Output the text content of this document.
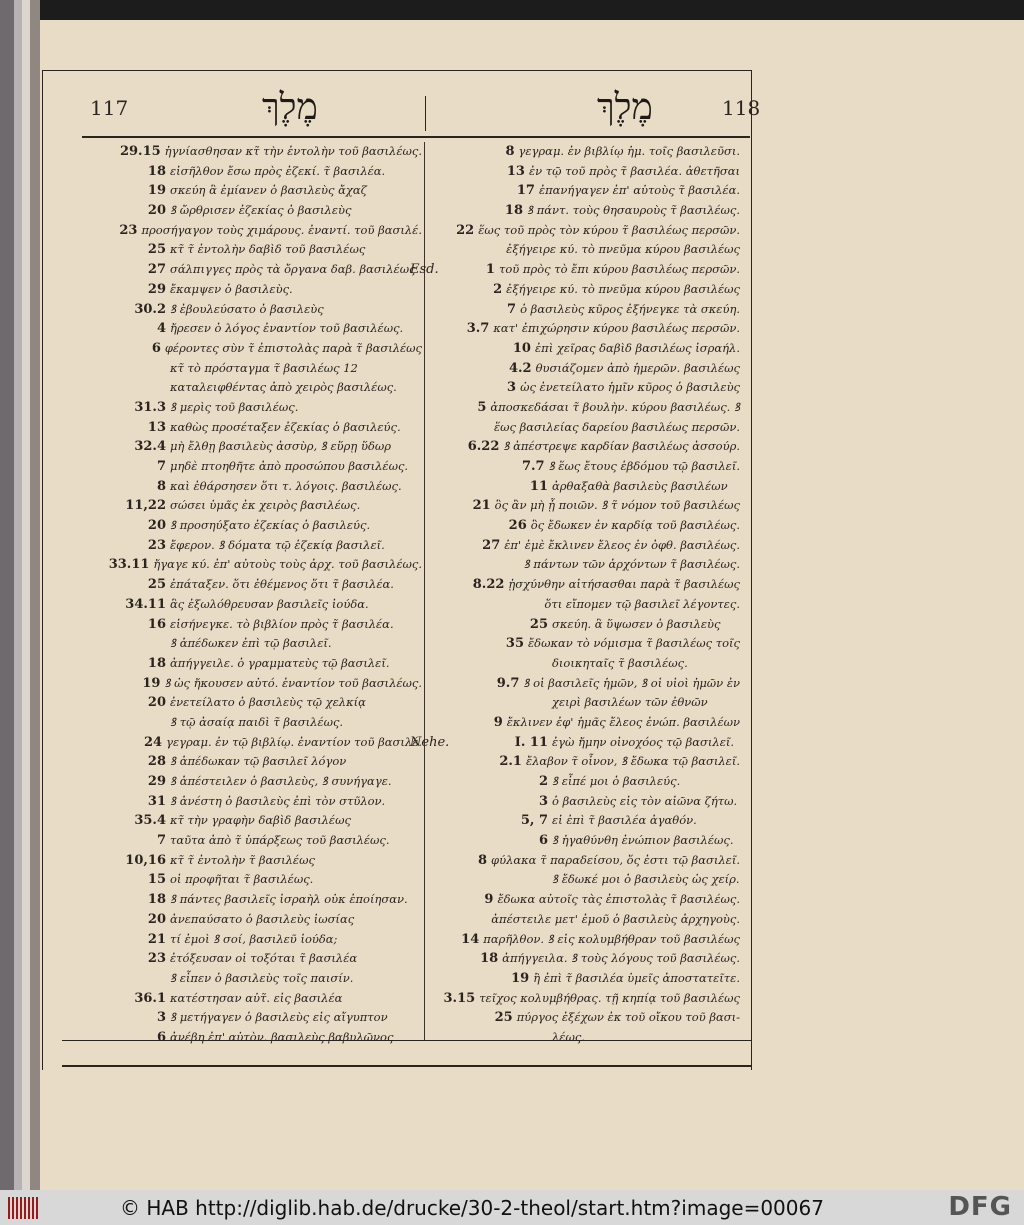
117	מֶלֶךְ	מֶלֶךְ	118
29.15 ἡγνίασθησαν κτ̃ τὴν ἐντολὴν τοῦ βασιλέως.
18 εἰσῆλθον ἔσω πρὸς ἐζεκί. τ̃ βασιλέα.
19 σκεύη ἃ ἐμίανεν ὁ βασιλεὺς ἄχαζ
20 ꝸ ὤρθρισεν ἐζεκίας ὁ βασιλεὺς
23 προσήγαγον τοὺς χιμάρους. ἐναντί. τοῦ βασιλέ.
25 κτ̃ τ̃ ἐντολὴν δαβὶδ τοῦ βασιλέως
27 σάλπιγγες πρὸς τὰ ὄργανα δαβ. βασιλέως
29 ἔκαμψεν ὁ βασιλεὺς.
30.2 ꝸ ἐβουλεύσατο ὁ βασιλεὺς
4 ἤρεσεν ὁ λόγος ἐναντίον τοῦ βασιλέως.
6 φέροντες σὺν τ̃ ἐπιστολὰς παρὰ τ̃ βασιλέως
κτ̃ τὸ πρόσταγμα τ̃ βασιλέως 12
καταλειφθέντας ἀπὸ χειρὸς βασιλέως.
31.3 ꝸ μερὶς τοῦ βασιλέως.
13 καθὼς προσέταξεν ἐζεκίας ὁ βασιλεύς.
32.4 μὴ ἔλθῃ βασιλεὺς ἀσσὺρ, ꝸ εὕρῃ ὕδωρ
7 μηδὲ πτοηθῆτε ἀπὸ προσώπου βασιλέως.
8 καὶ ἐθάρσησεν ὅτι τ. λόγοις. βασιλέως.
11,22 σώσει ὑμᾶς ἐκ χειρὸς βασιλέως.
20 ꝸ προσηύξατο ἐζεκίας ὁ βασιλεύς.
23 ἔφερον. ꝸ δόματα τῷ ἐζεκίᾳ βασιλεῖ.
33.11 ἤγαγε κύ. ἐπ' αὐτοὺς τοὺς ἀρχ. τοῦ βασιλέως.
25 ἐπάταξεν. ὅτι ἐθέμενος ὅτι τ̃ βασιλέα.
34.11 ἃς ἐξωλόθρευσαν βασιλεῖς ἰούδα.
16 εἰσήνεγκε. τὸ βιβλίον πρὸς τ̃ βασιλέα.
ꝸ ἀπέδωκεν ἐπὶ τῷ βασιλεῖ.
18 ἀπήγγειλε. ὁ γραμματεὺς τῷ βασιλεῖ.
19 ꝸ ὡς ἤκουσεν αὐτό. ἐναντίον τοῦ βασιλέως.
20 ἐνετείλατο ὁ βασιλεὺς τῷ χελκίᾳ
ꝸ τῷ ἀσαίᾳ παιδὶ τ̃ βασιλέως.
24 γεγραμ. ἐν τῷ βιβλίῳ. ἐναντίον τοῦ βασιλέ.
28 ꝸ ἀπέδωκαν τῷ βασιλεῖ λόγον
29 ꝸ ἀπέστειλεν ὁ βασιλεὺς, ꝸ συνήγαγε.
31 ꝸ ἀνέστη ὁ βασιλεὺς ἐπὶ τὸν στῦλον.
35.4 κτ̃ τὴν γραφὴν δαβὶδ βασιλέως
7 ταῦτα ἀπὸ τ̃ ὑπάρξεως τοῦ βασιλέως.
10,16 κτ̃ τ̃ ἐντολὴν τ̃ βασιλέως
15 οἱ προφῆται τ̃ βασιλέως.
18 ꝸ πάντες βασιλεῖς ἰσραὴλ οὐκ ἐποίησαν.
20 ἀνεπαύσατο ὁ βασιλεὺς ἰωσίας
21 τί ἐμοὶ ꝸ σοί, βασιλεῦ ἰούδα;
23 ἐτόξευσαν οἱ τοξόται τ̃ βασιλέα
ꝸ εἶπεν ὁ βασιλεὺς τοῖς παισίν.
36.1 κατέστησαν αὐτ̃. εἰς βασιλέα
3 ꝸ μετήγαγεν ὁ βασιλεὺς εἰς αἴγυπτον
6 ἀνέβη ἐπ' αὐτὸν. βασιλεὺς βαβυλῶνος
8 γεγραμ. ἐν βιβλίῳ ἡμ. τοῖς βασιλεῦσι.
13 ἐν τῷ τοῦ πρὸς τ̃ βασιλέα. ἀθετῆσαι
17 ἐπανήγαγεν ἐπ' αὐτοὺς τ̃ βασιλέα.
18 ꝸ πάντ. τοὺς θησαυροὺς τ̃ βασιλέως.
22 ἕως τοῦ πρὸς τὸν κύρου τ̃ βασιλέως περσῶν.
ἐξήγειρε κύ. τὸ πνεῦμα κύρου βασιλέως
Esd.	1 τοῦ πρὸς τὸ ἔπι κύρου βασιλέως περσῶν.
2 ἐξήγειρε κύ. τὸ πνεῦμα κύρου βασιλέως
7 ὁ βασιλεὺς κῦρος ἐξήνεγκε τὰ σκεύη.
3.7 κατ' ἐπιχώρησιν κύρου βασιλέως περσῶν.
10 ἐπὶ χεῖρας δαβὶδ βασιλέως ἰσραήλ.
4.2 θυσιάζομεν ἀπὸ ἡμερῶν. βασιλέως
3 ὡς ἐνετείλατο ἡμῖν κῦρος ὁ βασιλεὺς
5 ἀποσκεδάσαι τ̃ βουλὴν. κύρου βασιλέως. ꝸ
ἕως βασιλείας δαρείου βασιλέως περσῶν.
6.22 ꝸ ἀπέστρεψε καρδίαν βασιλέως ἀσσούρ.
7.7 ꝸ ἕως ἔτους ἑβδόμου τῷ βασιλεῖ.
11 ἀρθαξαθὰ βασιλεὺς βασιλέων
21 ὃς ἂν μὴ ᾖ ποιῶν. ꝸ τ̃ νόμον τοῦ βασιλέως
26 ὃς ἔδωκεν ἐν καρδίᾳ τοῦ βασιλέως.
27 ἐπ' ἐμὲ ἔκλινεν ἔλεος ἐν ὀφθ. βασιλέως.
ꝸ πάντων τῶν ἀρχόντων τ̃ βασιλέως.
8.22 ᾐσχύνθην αἰτήσασθαι παρὰ τ̃ βασιλέως
ὅτι εἴπομεν τῷ βασιλεῖ λέγοντες.
25 σκεύη. ἃ ὕψωσεν ὁ βασιλεὺς
35 ἔδωκαν τὸ νόμισμα τ̃ βασιλέως τοῖς
διοικηταῖς τ̃ βασιλέως.
9.7 ꝸ οἱ βασιλεῖς ἡμῶν, ꝸ οἱ υἱοὶ ἡμῶν ἐν
χειρὶ βασιλέων τῶν ἐθνῶν
9 ἔκλινεν ἐφ' ἡμᾶς ἔλεος ἐνώπ. βασιλέων
Nehe.	I. 11 ἐγὼ ἤμην οἰνοχόος τῷ βασιλεῖ.
2.1 ἔλαβον τ̃ οἶνον, ꝸ ἔδωκα τῷ βασιλεῖ.
2 ꝸ εἶπέ μοι ὁ βασιλεύς.
3 ὁ βασιλεὺς εἰς τὸν αἰῶνα ζήτω.
5, 7 εἰ ἐπὶ τ̃ βασιλέα ἀγαθόν.
6 ꝸ ἠγαθύνθη ἐνώπιον βασιλέως.
8 φύλακα τ̃ παραδείσου, ὅς ἐστι τῷ βασιλεῖ.
ꝸ ἔδωκέ μοι ὁ βασιλεὺς ὡς χείρ.
9 ἔδωκα αὐτοῖς τὰς ἐπιστολὰς τ̃ βασιλέως.
ἀπέστειλε μετ' ἐμοῦ ὁ βασιλεὺς ἀρχηγοὺς.
14 παρῆλθον. ꝸ εἰς κολυμβήθραν τοῦ βασιλέως
18 ἀπήγγειλα. ꝸ τοὺς λόγους τοῦ βασιλέως.
19 ἢ ἐπὶ τ̃ βασιλέα ὑμεῖς ἀποστατεῖτε.
3.15 τεῖχος κολυμβήθρας. τῇ κηπίᾳ τοῦ βασιλέως
25 πύργος ἐξέχων ἐκ τοῦ οἴκου τοῦ βασι-
λέως.
© HAB http://diglib.hab.de/drucke/30-2-theol/start.htm?image=00067	DFG
